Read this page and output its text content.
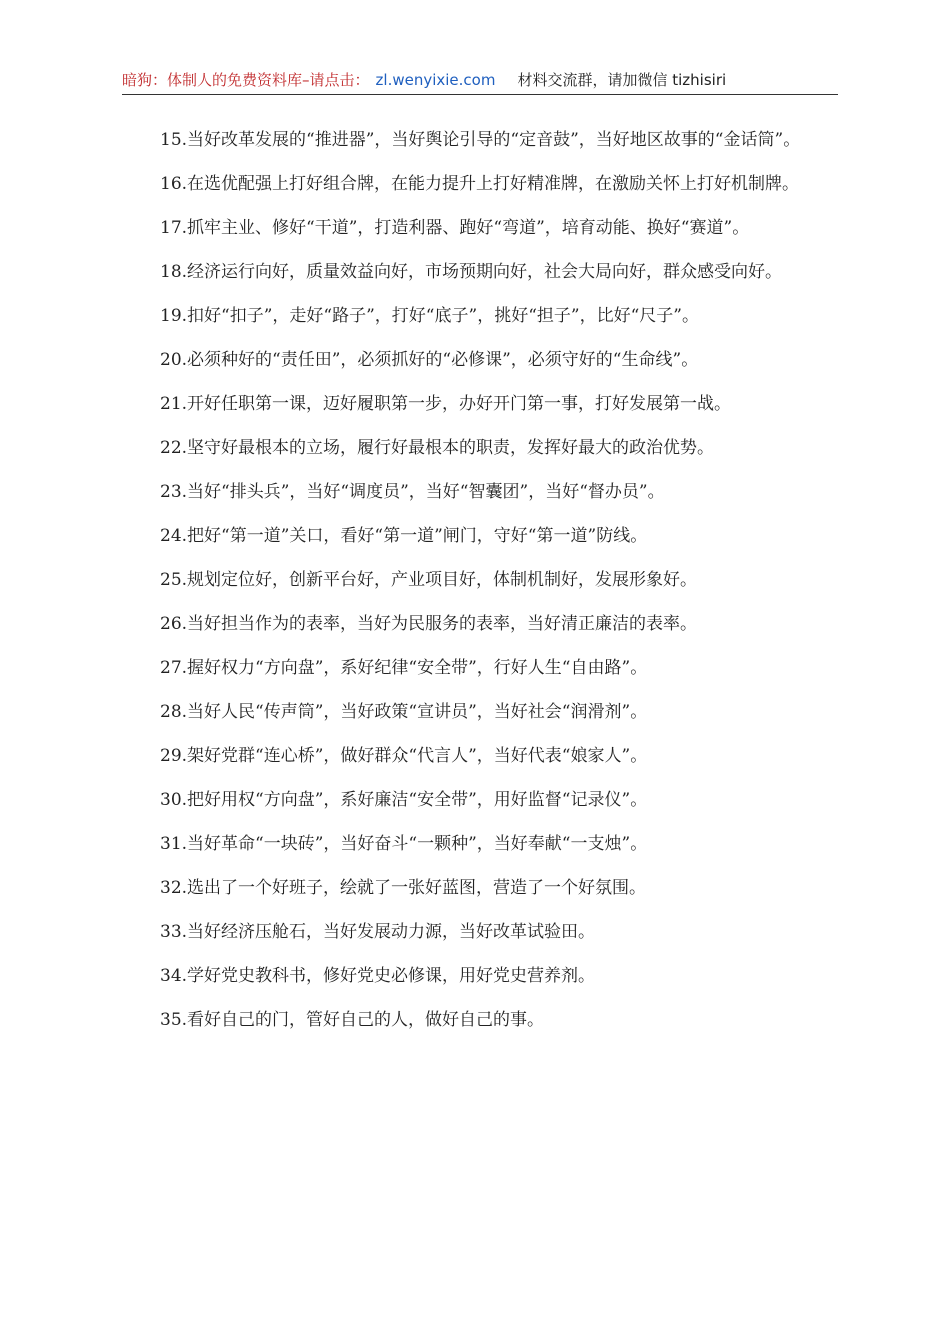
暗狗：体制人的免费资料库–请点击： zl.wenyixie.com 材料交流群，请加微信 tizhisiri

15.当好改革发展的“推进器”，当好舆论引导的“定音鼓”，当好地区故事的“金话筒”。

16.在选优配强上打好组合牌，在能力提升上打好精准牌，在激励关怀上打好机制牌。

17.抓牢主业、修好“干道”，打造利器、跑好“弯道”，培育动能、换好“赛道”。

18.经济运行向好，质量效益向好，市场预期向好，社会大局向好，群众感受向好。

19.扣好“扣子”，走好“路子”，打好“底子”，挑好“担子”，比好“尺子”。

20.必须种好的“责任田”，必须抓好的“必修课”，必须守好的“生命线”。

21.开好任职第一课，迈好履职第一步，办好开门第一事，打好发展第一战。

22.坚守好最根本的立场，履行好最根本的职责，发挥好最大的政治优势。

23.当好“排头兵”，当好“调度员”，当好“智囊团”，当好“督办员”。

24.把好“第一道”关口，看好“第一道”闸门，守好“第一道”防线。

25.规划定位好，创新平台好，产业项目好，体制机制好，发展形象好。

26.当好担当作为的表率，当好为民服务的表率，当好清正廉洁的表率。

27.握好权力“方向盘”，系好纪律“安全带”，行好人生“自由路”。

28.当好人民“传声筒”，当好政策“宣讲员”，当好社会“润滑剂”。

29.架好党群“连心桥”，做好群众“代言人”，当好代表“娘家人”。

30.把好用权“方向盘”，系好廉洁“安全带”，用好监督“记录仪”。

31.当好革命“一块砖”，当好奋斗“一颗种”，当好奉献“一支烛”。

32.选出了一个好班子，绘就了一张好蓝图，营造了一个好氛围。

33.当好经济压舱石，当好发展动力源，当好改革试验田。

34.学好党史教科书，修好党史必修课，用好党史营养剂。

35.看好自己的门，管好自己的人，做好自己的事。
